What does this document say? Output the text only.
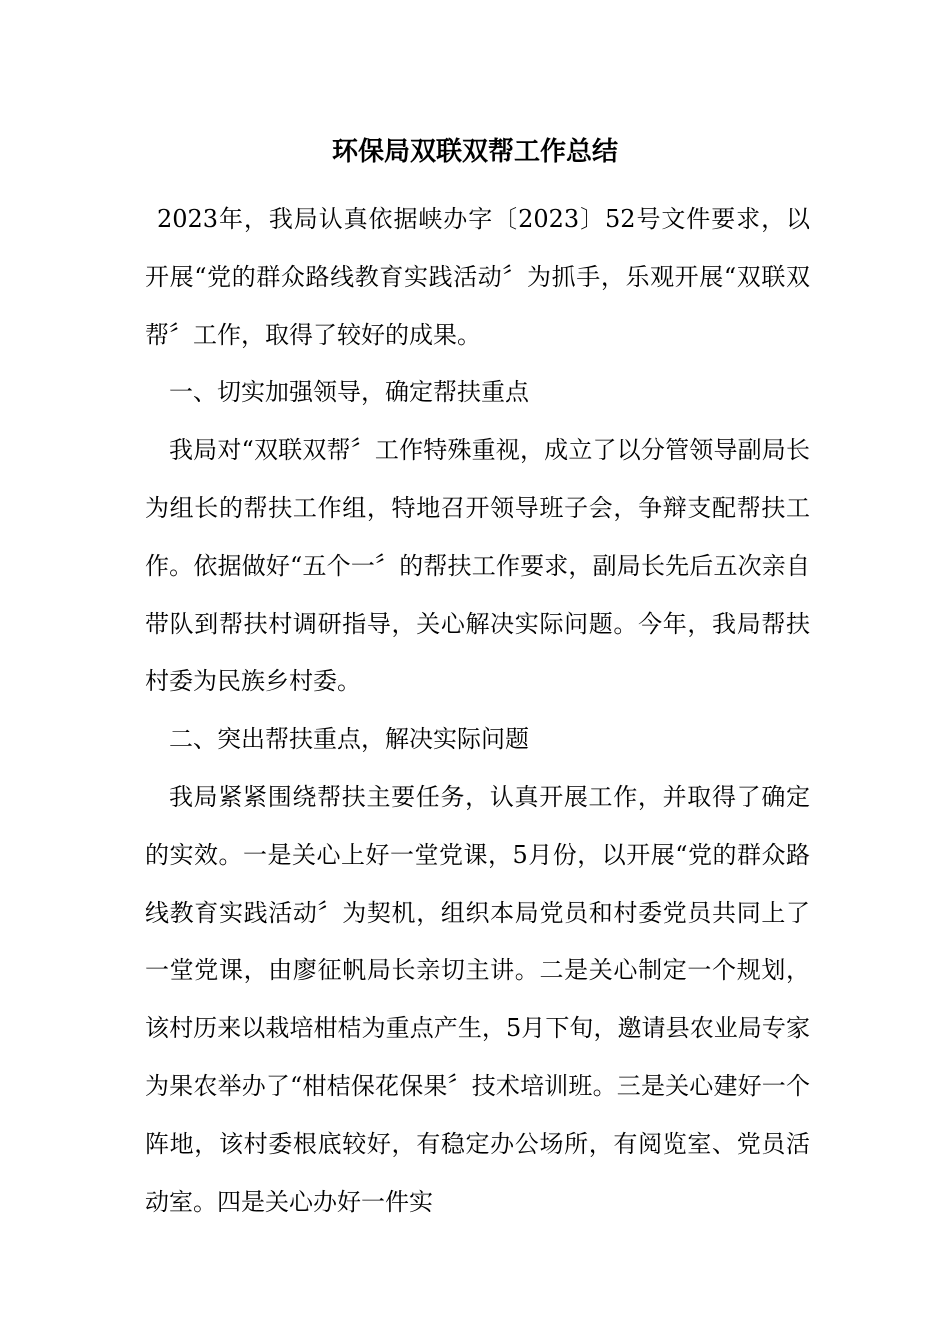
环保局双联双帮工作总结

2023年，我局认真依据峡办字〔2023〕52号文件要求，以开展“党的群众路线教育实践活动〞为抓手，乐观开展“双联双帮〞工作，取得了较好的成果。

一、切实加强领导，确定帮扶重点

我局对“双联双帮〞工作特殊重视，成立了以分管领导副局长为组长的帮扶工作组，特地召开领导班子会，争辩支配帮扶工作。依据做好“五个一〞的帮扶工作要求，副局长先后五次亲自带队到帮扶村调研指导，关心解决实际问题。今年，我局帮扶村委为民族乡村委。

二、突出帮扶重点，解决实际问题

我局紧紧围绕帮扶主要任务，认真开展工作，并取得了确定的实效。一是关心上好一堂党课，5月份，以开展“党的群众路线教育实践活动〞为契机，组织本局党员和村委党员共同上了一堂党课，由廖征帆局长亲切主讲。二是关心制定一个规划，该村历来以栽培柑桔为重点产生，5月下旬，邀请县农业局专家为果农举办了“柑桔保花保果〞技术培训班。三是关心建好一个阵地，该村委根底较好，有稳定办公场所，有阅览室、党员活动室。四是关心办好一件实
